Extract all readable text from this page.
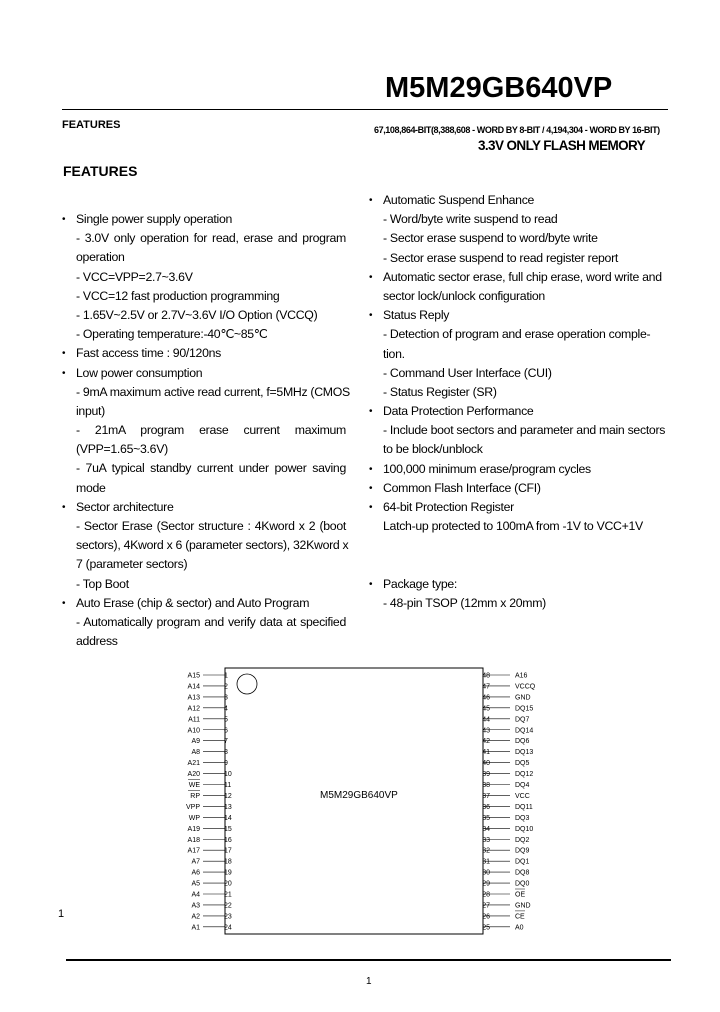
M5M29GB640VP
FEATURES	67,108,864-BIT(8,388,608 - WORD BY 8-BIT / 4,194,304 - WORD BY 16-BIT)
3.3V ONLY FLASH MEMORY
FEATURES
• Single power supply operation
- 3.0V only operation for read, erase and program
operation
- VCC=VPP=2.7~3.6V
- VCC=12 fast production programming
- 1.65V~2.5V or 2.7V~3.6V I/O Option (VCCQ)
- Operating temperature:-40℃~85℃
• Fast access time : 90/120ns
• Low power consumption
- 9mA maximum active read current, f=5MHz (CMOS
input)
- 21mA program erase current maximum
(VPP=1.65~3.6V)
- 7uA typical standby current under power saving
mode
• Sector architecture
- Sector Erase (Sector structure : 4Kword x 2 (boot
sectors), 4Kword x 6 (parameter sectors), 32Kword x
7 (parameter sectors)
- Top Boot
• Auto Erase (chip & sector) and Auto Program
- Automatically program and verify data at specified
address
• Automatic Suspend Enhance
- Word/byte write suspend to read
- Sector erase suspend to word/byte write
- Sector erase suspend to read register report
• Automatic sector erase, full chip erase, word write and
sector lock/unlock configuration
• Status Reply
- Detection of program and erase operation comple-
tion.
- Command User Interface (CUI)
- Status Register (SR)
• Data Protection Performance
- Include boot sectors and parameter and main sectors
to be block/unblock
• 100,000 minimum erase/program cycles
• Common Flash Interface (CFI)
• 64-bit Protection Register
Latch-up protected to 100mA from -1V to VCC+1V
• Package type:
- 48-pin TSOP (12mm x 20mm)
M5M29GB640VP
A15	1
A14	2
A13	3
A12	4
A11	5
A10	6
A9	7
A8	8
A21	9
A20	10
WE	11
RP	12
VPP	13
WP	14
A19	15
A18	16
A17	17
A7	18
A6	19
A5	20
A4	21
A3	22
A2	23
A1	24
48	A16
47	VCCQ
46	GND
45	DQ15
44	DQ7
43	DQ14
42	DQ6
41	DQ13
40	DQ5
39	DQ12
38	DQ4
37	VCC
36	DQ11
35	DQ3
34	DQ10
33	DQ2
32	DQ9
31	DQ1
30	DQ8
29	DQ0
28	OE
27	GND
26	CE
25	A0
1
1
